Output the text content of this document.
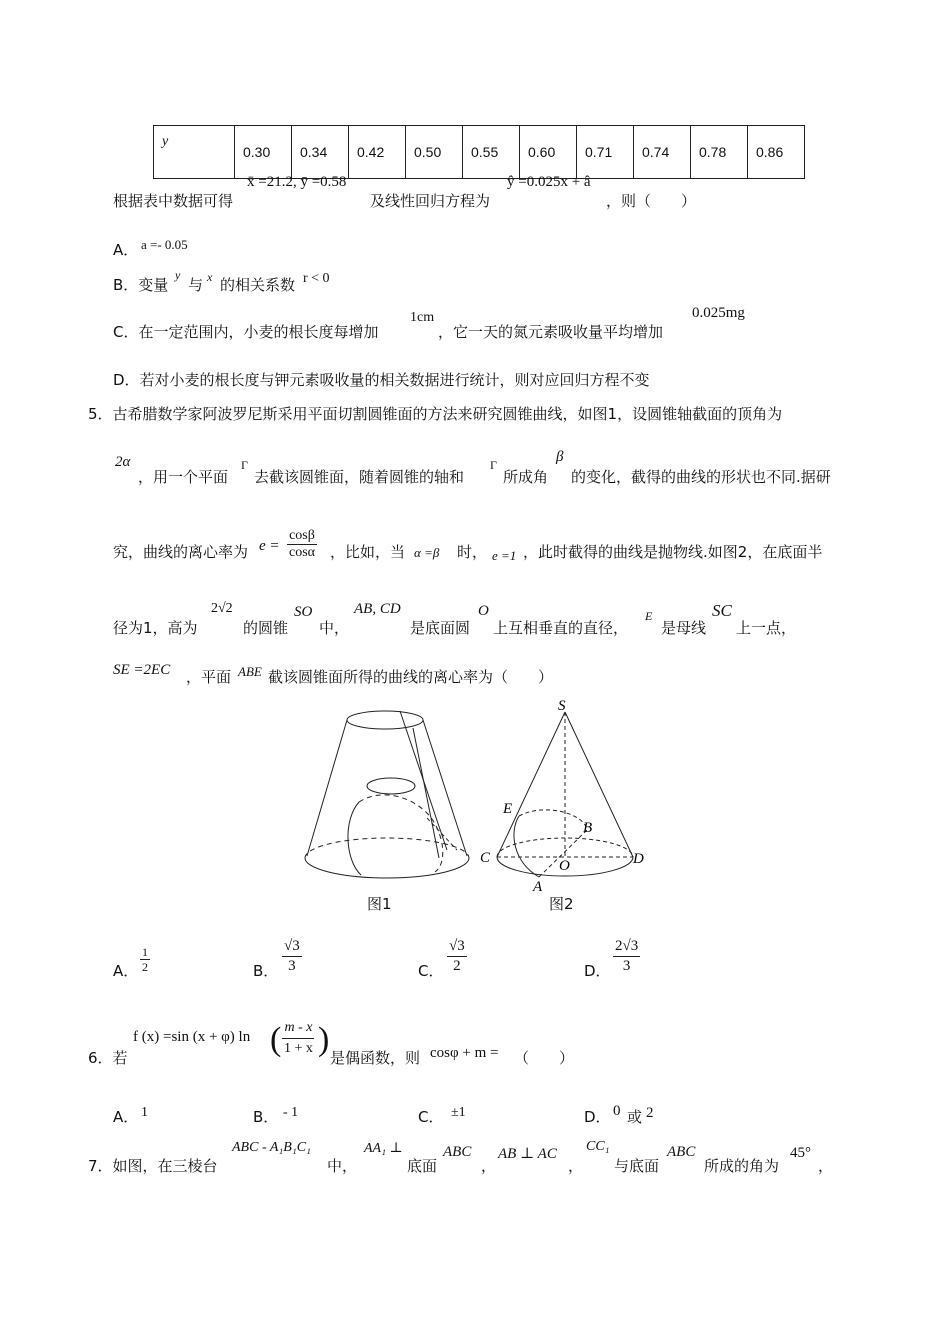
y	0.30	0.34	0.42	0.50	0.55	0.60	0.71	0.74	0.78	0.86
根据表中数据可得
x̄ =21.2, ȳ =0.58
及线性回归方程为
ŷ =0.025x + â
，则（　　）
A． a =- 0.05
B．变量
y
与 x 的相关系数 r < 0
C．在一定范围内，小麦的根长度每增加
1cm
，它一天的氮元素吸收量平均增加
0.025mg
D．若对小麦的根长度与钾元素吸收量的相关数据进行统计，则对应回归方程不变
5．古希腊数学家阿波罗尼斯采用平面切割圆锥面的方法来研究圆锥曲线，如图1，设圆锥轴截面的顶角为
2α
，用一个平面
Γ
去截该圆锥面，随着圆锥的轴和
Γ
所成角
β
的变化，截得的曲线的形状也不同.据研
究，曲线的离心率为 $e = \frac{\cos\beta}{\cos\alpha}$ ，比如，当 α =β 时， e =1 ，此时截得的曲线是抛物线.如图2，在底面半
径为1，高为
2√2
的圆锥
SO
中，
AB, CD
是底面圆
O
上互相垂直的直径，
E
是母线
SC
上一点，
SE =2EC ，平面 ABE 截该圆锥面所得的曲线的离心率为（　　）
图1
S
E
B
C	O	D
A
图2
A． $\frac{1}{2}$	B． $\frac{√3}{3}$	C． $\frac{√3}{2}$	D． $\frac{2√3}{3}$
6．若
f (x) =sin (x + φ) ln ( $\frac{m - x}{1 + x}$ ) 是偶函数，则 cosφ + m = （　　）
A． 1	B． - 1	C． ±1	D． 0 或 2
7．如图，在三棱台
ABC - A₁B₁C₁
中，
AA₁ ⊥
底面
ABC
，
AB ⊥ AC
，
CC₁
与底面
ABC
所成的角为
45°
，
